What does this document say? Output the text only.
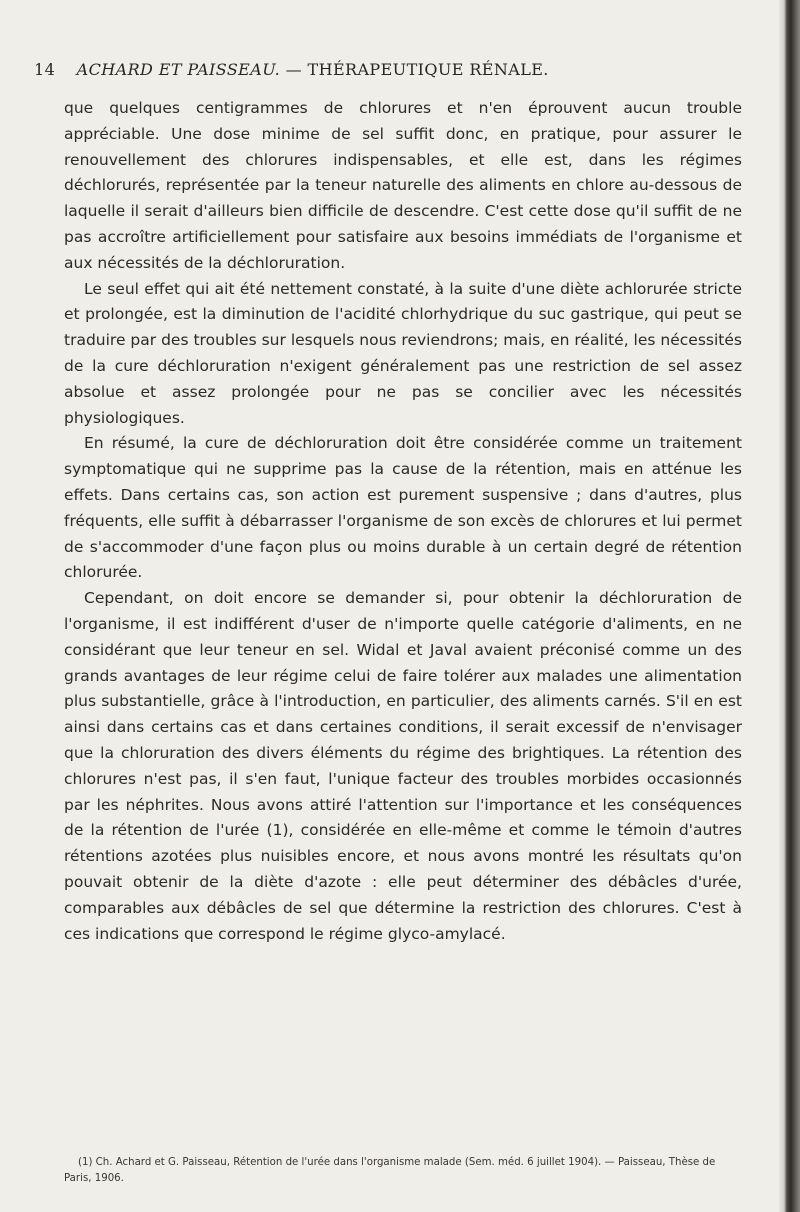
14 ACHARD ET PAISSEAU. — THÉRAPEUTIQUE RÉNALE.

que quelques centigrammes de chlorures et n'en éprouvent aucun trouble appréciable. Une dose minime de sel suffit donc, en pratique, pour assurer le renouvellement des chlorures indispensables, et elle est, dans les régimes déchlorurés, représentée par la teneur naturelle des aliments en chlore au-dessous de laquelle il serait d'ailleurs bien difficile de descendre. C'est cette dose qu'il suffit de ne pas accroître artificiellement pour satisfaire aux besoins immédiats de l'organisme et aux nécessités de la déchloruration.

Le seul effet qui ait été nettement constaté, à la suite d'une diète achlorurée stricte et prolongée, est la diminution de l'acidité chlorhydrique du suc gastrique, qui peut se traduire par des troubles sur lesquels nous reviendrons; mais, en réalité, les nécessités de la cure déchloruration n'exigent généralement pas une restriction de sel assez absolue et assez prolongée pour ne pas se concilier avec les nécessités physiologiques.

En résumé, la cure de déchloruration doit être considérée comme un traitement symptomatique qui ne supprime pas la cause de la rétention, mais en atténue les effets. Dans certains cas, son action est purement suspensive ; dans d'autres, plus fréquents, elle suffit à débarrasser l'organisme de son excès de chlorures et lui permet de s'accommoder d'une façon plus ou moins durable à un certain degré de rétention chlorurée.

Cependant, on doit encore se demander si, pour obtenir la déchloruration de l'organisme, il est indifférent d'user de n'importe quelle catégorie d'aliments, en ne considérant que leur teneur en sel. Widal et Javal avaient préconisé comme un des grands avantages de leur régime celui de faire tolérer aux malades une alimentation plus substantielle, grâce à l'introduction, en particulier, des aliments carnés. S'il en est ainsi dans certains cas et dans certaines conditions, il serait excessif de n'envisager que la chloruration des divers éléments du régime des brightiques. La rétention des chlorures n'est pas, il s'en faut, l'unique facteur des troubles morbides occasionnés par les néphrites. Nous avons attiré l'attention sur l'importance et les conséquences de la rétention de l'urée (1), considérée en elle-même et comme le témoin d'autres rétentions azotées plus nuisibles encore, et nous avons montré les résultats qu'on pouvait obtenir de la diète d'azote : elle peut déterminer des débâcles d'urée, comparables aux débâcles de sel que détermine la restriction des chlorures. C'est à ces indications que correspond le régime glyco-amylacé.

(1) Ch. Achard et G. Paisseau, Rétention de l'urée dans l'organisme malade (Sem. méd. 6 juillet 1904). — Paisseau, Thèse de Paris, 1906.
